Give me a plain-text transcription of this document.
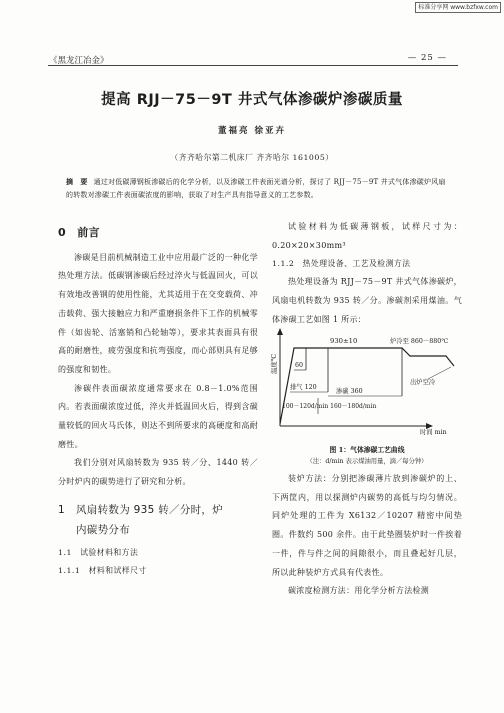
标准分享网 www.bzfxw.com
《黑龙江冶金》	— 25 —
提高 RJJ－75－9T 井式气体渗碳炉渗碳质量
董福亮 徐亚卉
（齐齐哈尔第二机床厂 齐齐哈尔 161005）
摘　要 通过对低碳薄钢板渗碳后的化学分析，以及渗碳工件表面光谱分析，探讨了 RJJ－75－9T 井式气体渗碳炉风扇的转数对渗碳工件表面碳浓度的影响，获取了对生产具有指导意义的工艺参数。
0　前言

渗碳是目前机械制造工业中应用最广泛的一种化学热处理方法。低碳钢渗碳后经过淬火与低温回火，可以有效地改善钢的使用性能，尤其适用于在交变载荷、冲击载荷、强大接触应力和严重磨损条件下工作的机械零件（如齿轮、活塞销和凸轮轴等），要求其表面具有很高的耐磨性，疲劳强度和抗弯强度，而心部则具有足够的强度和韧性。

渗碳件表面碳浓度通常要求在 0.8－1.0%范围内。若表面碳浓度过低，淬火并低温回火后，得到含碳量较低的回火马氏体，则达不到所要求的高硬度和高耐磨性。

我们分别对风扇转数为 935 转／分、1440 转／分时炉内的碳势进行了研究和分析。

1 风扇转数为 935 转／分时，炉
内碳势分布
1.1　试验材料和方法
1.1.1　材料和试样尺寸

试验材料为低碳薄钢板，试样尺寸为：0.20×20×30mm³

1.1.2　热处理设备、工艺及检测方法

热处理设备为 RJJ－75－9T 井式气体渗碳炉，风扇电机转数为 935 转／分。渗碳剂采用煤油。气体渗碳工艺如图 1 所示：

温度℃
时间 min
930±10	炉冷至 860－880℃
60
排气 120
渗碳 360
出炉空冷
100－120d/min 160－180d/min
图 1：气体渗碳工艺曲线
（注：d/min 表示煤油用量，滴／每分钟）

装炉方法：分别把渗碳薄片放到渗碳炉的上、下两筐内，用以探测炉内碳势的高低与均匀情况。同炉处理的工件为 X6132／10207 精密中间垫圈。件数约 500 余件。由于此垫圈装炉时一件挨着一件，件与件之间的间隙很小，而且叠起好几层，所以此种装炉方式具有代表性。

碳浓度检测方法：用化学分析方法检测
